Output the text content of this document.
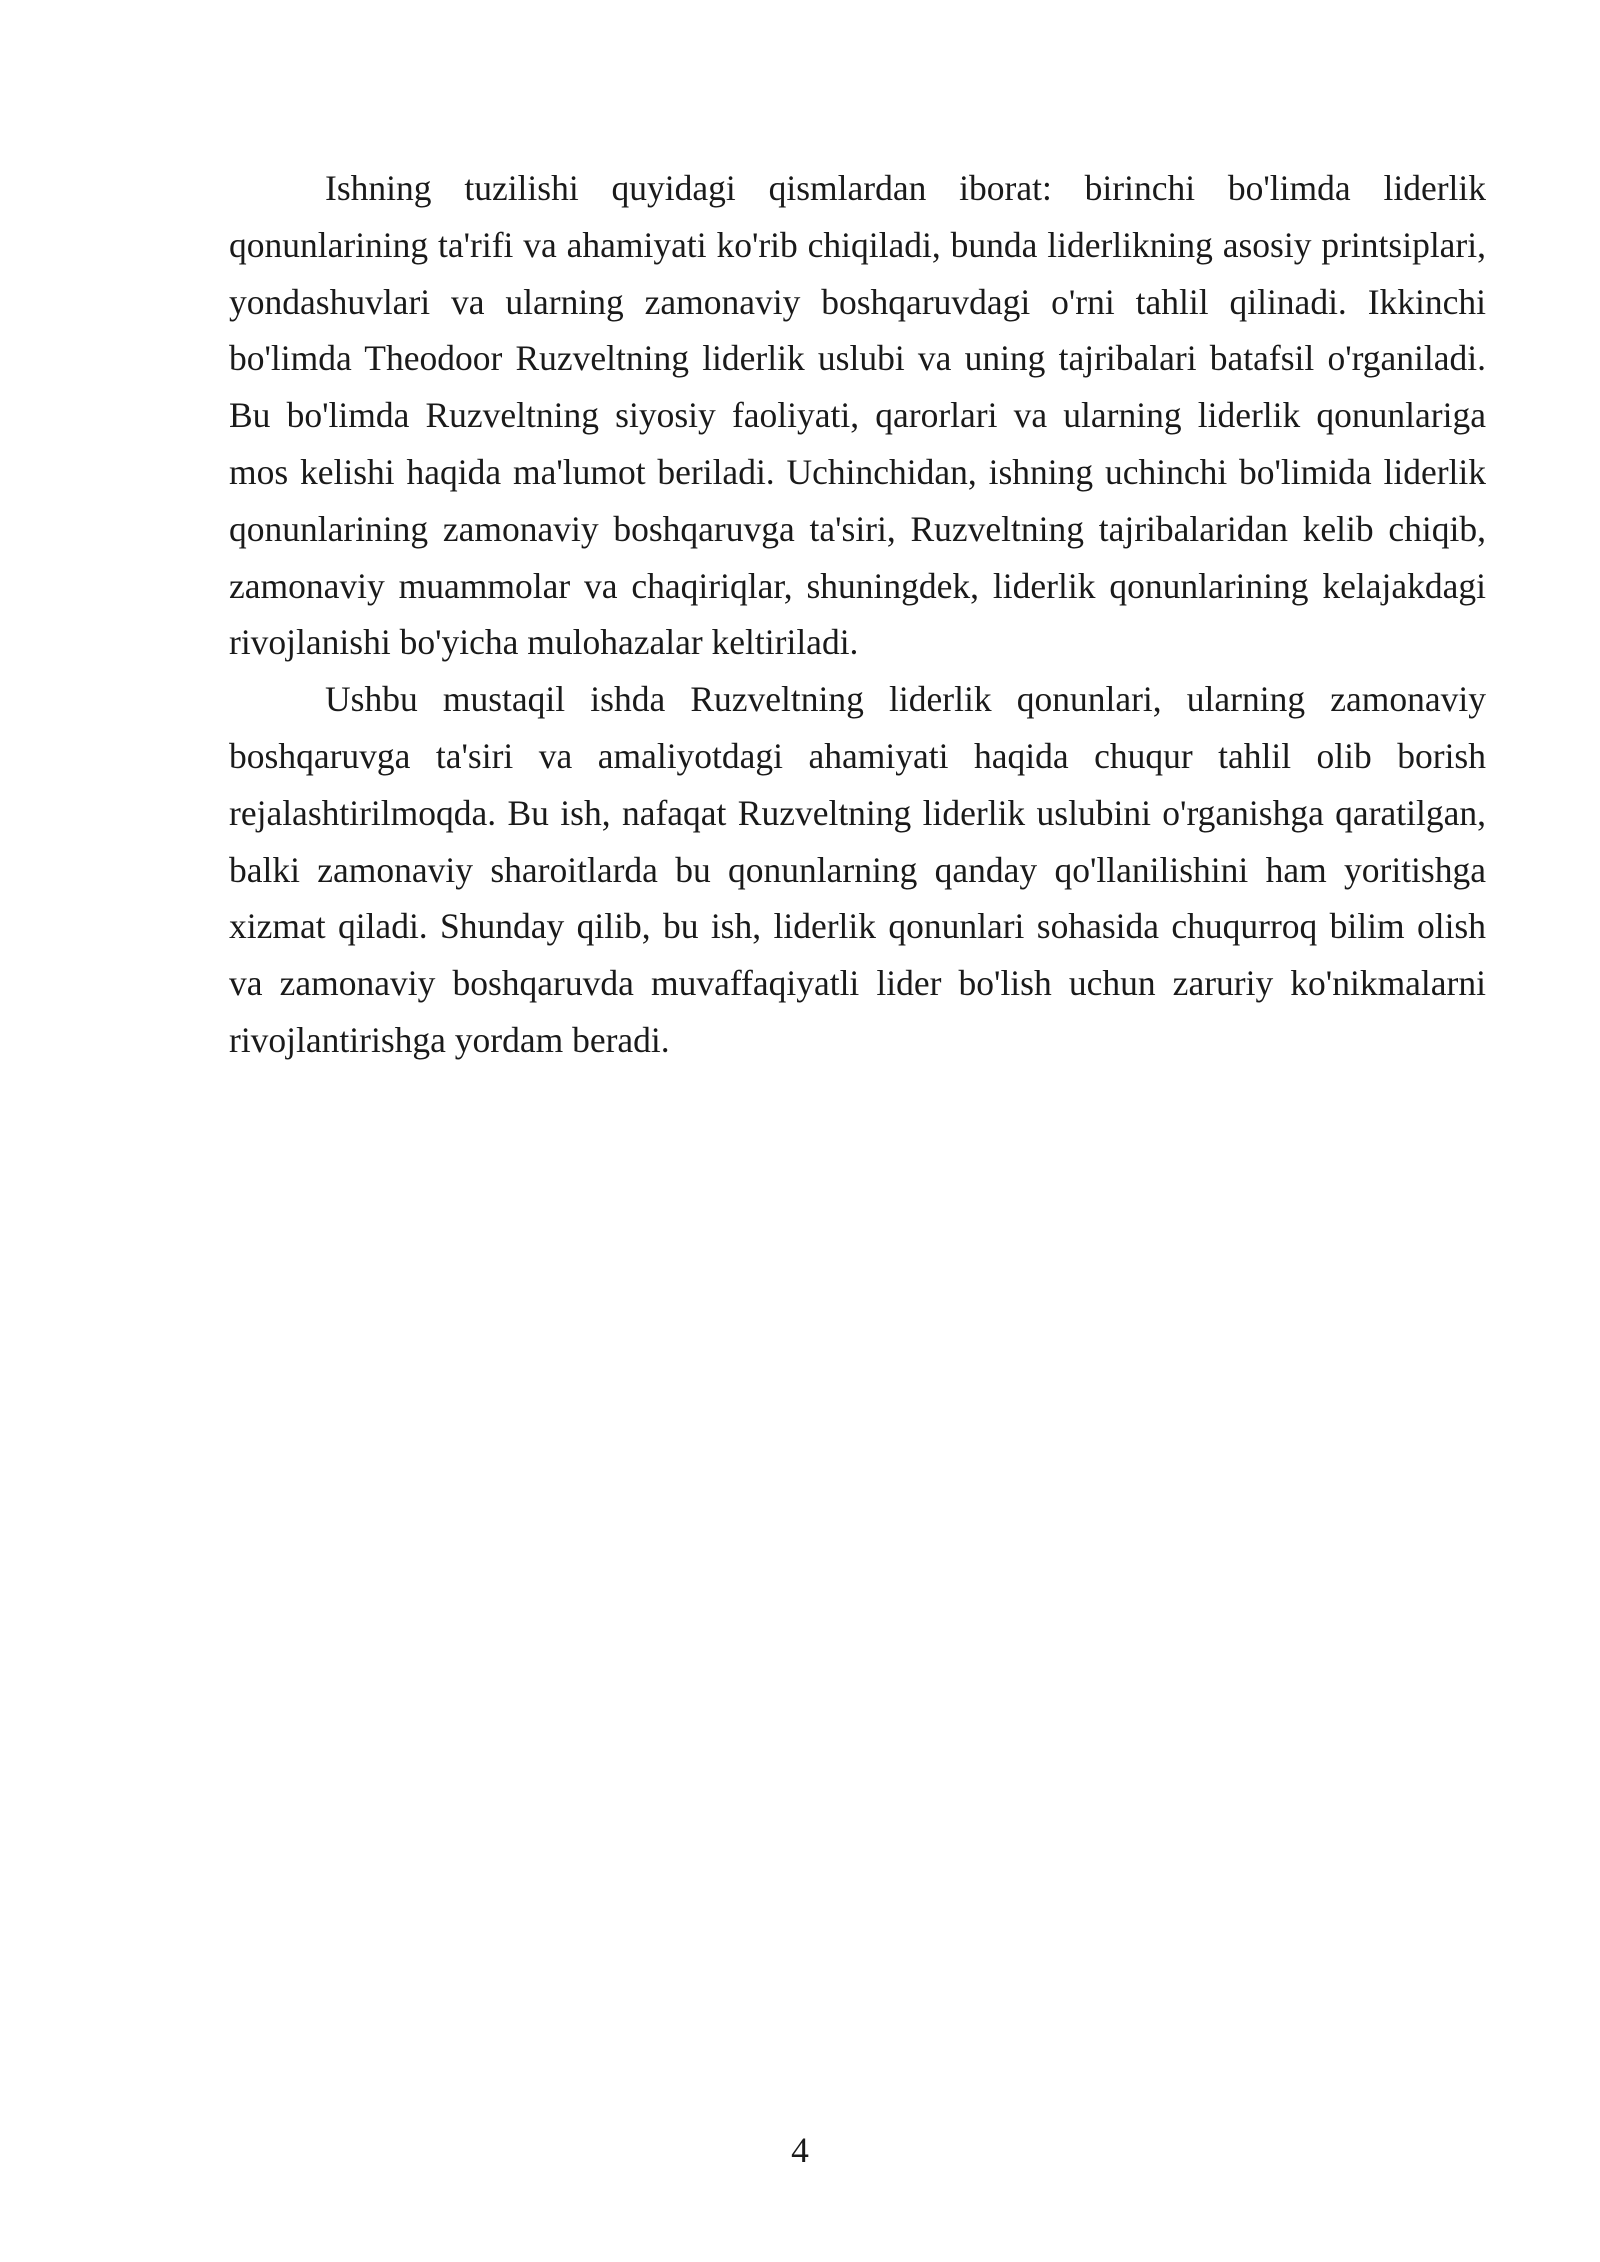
Ishning tuzilishi quyidagi qismlardan iborat: birinchi bo'limda liderlik qonunlarining ta'rifi va ahamiyati ko'rib chiqiladi, bunda liderlikning asosiy printsiplari, yondashuvlari va ularning zamonaviy boshqaruvdagi o'rni tahlil qilinadi. Ikkinchi bo'limda Theodoor Ruzveltning liderlik uslubi va uning tajribalari batafsil o'rganiladi. Bu bo'limda Ruzveltning siyosiy faoliyati, qarorlari va ularning liderlik qonunlariga mos kelishi haqida ma'lumot beriladi. Uchinchidan, ishning uchinchi bo'limida liderlik qonunlarining zamonaviy boshqaruvga ta'siri, Ruzveltning tajribalaridan kelib chiqib, zamonaviy muammolar va chaqiriqlar, shuningdek, liderlik qonunlarining kelajakdagi rivojlanishi bo'yicha mulohazalar keltiriladi.

Ushbu mustaqil ishda Ruzveltning liderlik qonunlari, ularning zamonaviy boshqaruvga ta'siri va amaliyotdagi ahamiyati haqida chuqur tahlil olib borish rejalashtirilmoqda. Bu ish, nafaqat Ruzveltning liderlik uslubini o'rganishga qaratilgan, balki zamonaviy sharoitlarda bu qonunlarning qanday qo'llanilishini ham yoritishga xizmat qiladi. Shunday qilib, bu ish, liderlik qonunlari sohasida chuqurroq bilim olish va zamonaviy boshqaruvda muvaffaqiyatli lider bo'lish uchun zaruriy ko'nikmalarni rivojlantirishga yordam beradi.

4
